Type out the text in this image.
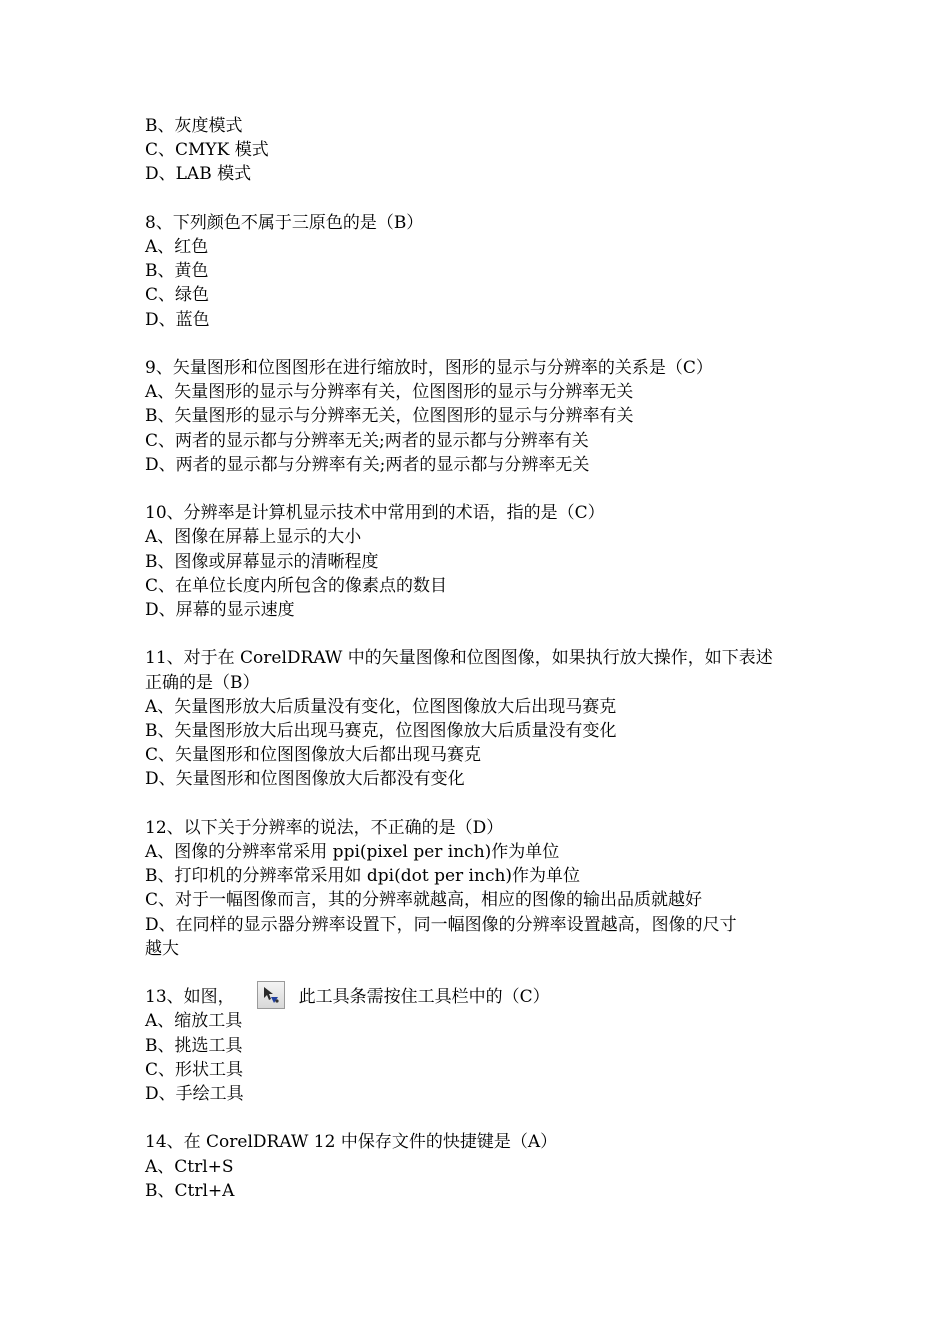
B、灰度模式
C、CMYK 模式
D、LAB 模式
8、下列颜色不属于三原色的是（B）
A、红色
B、黄色
C、绿色
D、蓝色
9、矢量图形和位图图形在进行缩放时，图形的显示与分辨率的关系是（C）
A、矢量图形的显示与分辨率有关，位图图形的显示与分辨率无关
B、矢量图形的显示与分辨率无关，位图图形的显示与分辨率有关
C、两者的显示都与分辨率无关;两者的显示都与分辨率有关
D、两者的显示都与分辨率有关;两者的显示都与分辨率无关
10、分辨率是计算机显示技术中常用到的术语，指的是（C）
A、图像在屏幕上显示的大小
B、图像或屏幕显示的清晰程度
C、在单位长度内所包含的像素点的数目
D、屏幕的显示速度
11、对于在 CorelDRAW 中的矢量图像和位图图像，如果执行放大操作，如下表述
正确的是（B）
A、矢量图形放大后质量没有变化，位图图像放大后出现马赛克
B、矢量图形放大后出现马赛克，位图图像放大后质量没有变化
C、矢量图形和位图图像放大后都出现马赛克
D、矢量图形和位图图像放大后都没有变化
12、以下关于分辨率的说法，不正确的是（D）
A、图像的分辨率常采用 ppi(pixel per inch)作为单位
B、打印机的分辨率常采用如 dpi(dot per inch)作为单位
C、对于一幅图像而言，其的分辨率就越高，相应的图像的输出品质就越好
D、在同样的显示器分辨率设置下，同一幅图像的分辨率设置越高，图像的尺寸
越大
13、如图，	此工具条需按住工具栏中的（C）
A、缩放工具
B、挑选工具
C、形状工具
D、手绘工具
14、在 CorelDRAW 12 中保存文件的快捷键是（A）
A、Ctrl+S
B、Ctrl+A
